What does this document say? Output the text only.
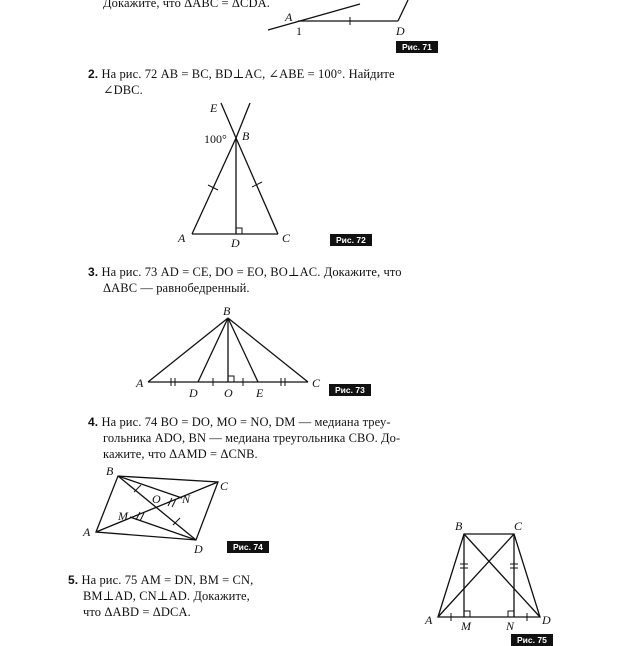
Докажите, что ΔABC = ΔCDA.
A
1	D
Рис. 71
2. На рис. 72 AB = BC, BD⊥AC, ∠ABE = 100°. Найдите
∠DBC.
E
B
100°
A	D	C	Рис. 72
3. На рис. 73 AD = CE, DO = EO, BO⊥AC. Докажите, что
ΔABC — равнобедренный.
B
A
D O E
C	Рис. 73
4. На рис. 74 BO = DO, MO = NO, DM — медиана треу-
гольника ADO, BN — медиана треугольника CBO. До-
кажите, что ΔAMD = ΔCNB.
B
C
O N
M
A
D	Рис. 74
5. На рис. 75 AM = DN, BM = CN,
BM⊥AD, CN⊥AD. Докажите,
что ΔABD = ΔDCA.
B	C
A M	N D
Рис. 75
